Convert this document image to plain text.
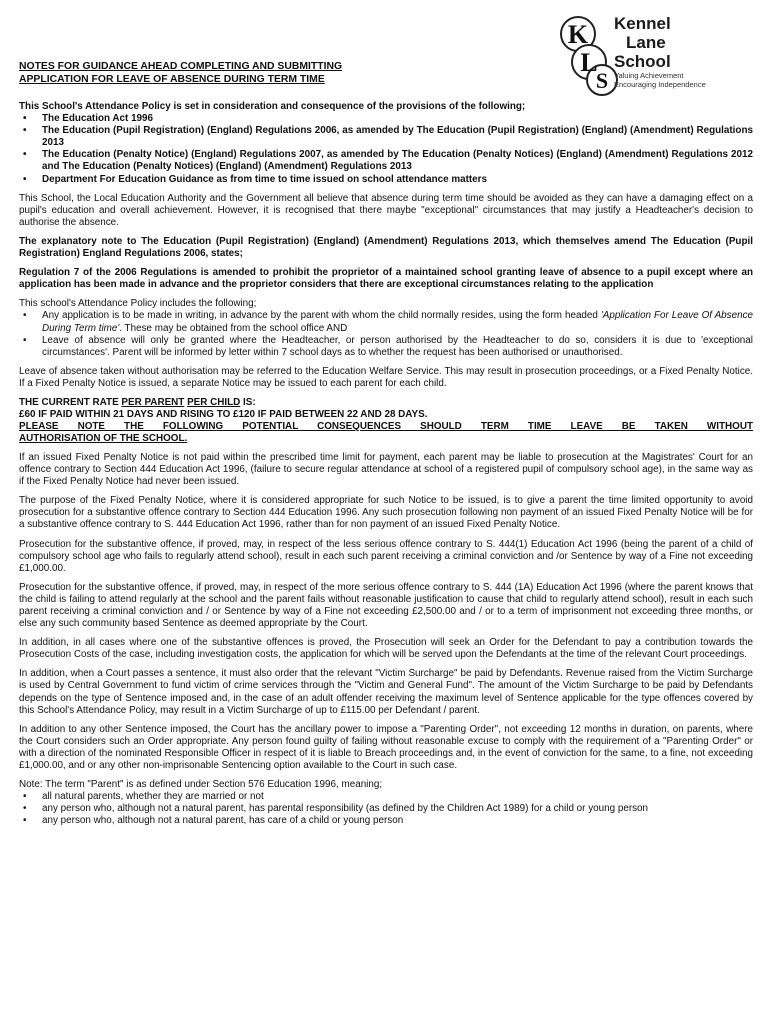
K
L
S
Kennel
Lane
School
Valuing Achievement
Encouraging Independence
NOTES FOR GUIDANCE AHEAD COMPLETING AND SUBMITTING
APPLICATION FOR LEAVE OF ABSENCE DURING TERM TIME

This School's Attendance Policy is set in consideration and consequence of the provisions of the following;

• The Education Act 1996
• The Education (Pupil Registration) (England) Regulations 2006, as amended by The Education (Pupil Registration) (England) (Amendment) Regulations 2013
• The Education (Penalty Notice) (England) Regulations 2007, as amended by The Education (Penalty Notices) (England) (Amendment) Regulations 2012 and The Education (Penalty Notices) (England) (Amendment) Regulations 2013
• Department For Education Guidance as from time to time issued on school attendance matters

This School, the Local Education Authority and the Government all believe that absence during term time should be avoided as they can have a damaging effect on a pupil's education and overall achievement. However, it is recognised that there maybe "exceptional" circumstances that may justify a Headteacher's decision to authorise the absence.

The explanatory note to The Education (Pupil Registration) (England) (Amendment) Regulations 2013, which themselves amend The Education (Pupil Registration) England Regulations 2006, states;

Regulation 7 of the 2006 Regulations is amended to prohibit the proprietor of a maintained school granting leave of absence to a pupil except where an application has been made in advance and the proprietor considers that there are exceptional circumstances relating to the application

This school's Attendance Policy includes the following;

• Any application is to be made in writing, in advance by the parent with whom the child normally resides, using the form headed 'Application For Leave Of Absence During Term time'. These may be obtained from the school office AND
• Leave of absence will only be granted where the Headteacher, or person authorised by the Headteacher to do so, considers it is due to 'exceptional circumstances'. Parent will be informed by letter within 7 school days as to whether the request has been authorised or unauthorised.

Leave of absence taken without authorisation may be referred to the Education Welfare Service. This may result in prosecution proceedings, or a Fixed Penalty Notice. If a Fixed Penalty Notice is issued, a separate Notice may be issued to each parent for each child.

THE CURRENT RATE PER PARENT PER CHILD IS:
£60 IF PAID WITHIN 21 DAYS AND RISING TO £120 IF PAID BETWEEN 22 AND 28 DAYS.
PLEASE NOTE THE FOLLOWING POTENTIAL CONSEQUENCES SHOULD TERM TIME LEAVE BE TAKEN WITHOUT
AUTHORISATION OF THE SCHOOL.

If an issued Fixed Penalty Notice is not paid within the prescribed time limit for payment, each parent may be liable to prosecution at the Magistrates' Court for an offence contrary to Section 444 Education Act 1996, (failure to secure regular attendance at school of a registered pupil of compulsory school age), in the same way as if the Fixed Penalty Notice had never been issued.

The purpose of the Fixed Penalty Notice, where it is considered appropriate for such Notice to be issued, is to give a parent the time limited opportunity to avoid prosecution for a substantive offence contrary to Section 444 Education 1996. Any such prosecution following non payment of an issued Fixed Penalty Notice will be for a substantive offence contrary to S. 444 Education Act 1996, rather than for non payment of an issued Fixed Penalty Notice.

Prosecution for the substantive offence, if proved, may, in respect of the less serious offence contrary to S. 444(1) Education Act 1996 (being the parent of a child of compulsory school age who fails to regularly attend school), result in each such parent receiving a criminal conviction and /or Sentence by way of a Fine not exceeding £1,000.00.

Prosecution for the substantive offence, if proved, may, in respect of the more serious offence contrary to S. 444 (1A) Education Act 1996 (where the parent knows that the child is failing to attend regularly at the school and the parent fails without reasonable justification to cause that child to regularly attend school), result in each such parent receiving a criminal conviction and / or Sentence by way of a Fine not exceeding £2,500.00 and / or to a term of imprisonment not exceeding three months, or else any such community based Sentence as deemed appropriate by the Court.

In addition, in all cases where one of the substantive offences is proved, the Prosecution will seek an Order for the Defendant to pay a contribution towards the Prosecution Costs of the case, including investigation costs, the application for which will be served upon the Defendants at the time of the relevant Court proceedings.

In addition, when a Court passes a sentence, it must also order that the relevant "Victim Surcharge" be paid by Defendants. Revenue raised from the Victim Surcharge is used by Central Government to fund victim of crime services through the "Victim and General Fund". The amount of the Victim Surcharge to be paid by Defendants depends on the type of Sentence imposed and, in the case of an adult offender receiving the maximum level of Sentence applicable for the type offences covered by this School's Attendance Policy, may result in a Victim Surcharge of up to £115.00 per Defendant / parent.

In addition to any other Sentence imposed, the Court has the ancillary power to impose a "Parenting Order", not exceeding 12 months in duration, on parents, where the Court considers such an Order appropriate. Any person found guilty of failing without reasonable excuse to comply with the requirement of a "Parenting Order" or with a direction of the nominated Responsible Officer in respect of it is liable to Breach proceedings and, in the event of conviction for the same, to a fine, not exceeding £1,000.00, and or any other non-imprisonable Sentencing option available to the Court in such case.

Note: The term "Parent" is as defined under Section 576 Education 1996, meaning;

• all natural parents, whether they are married or not
• any person who, although not a natural parent, has parental responsibility (as defined by the Children Act 1989) for a child or young person
• any person who, although not a natural parent, has care of a child or young person
